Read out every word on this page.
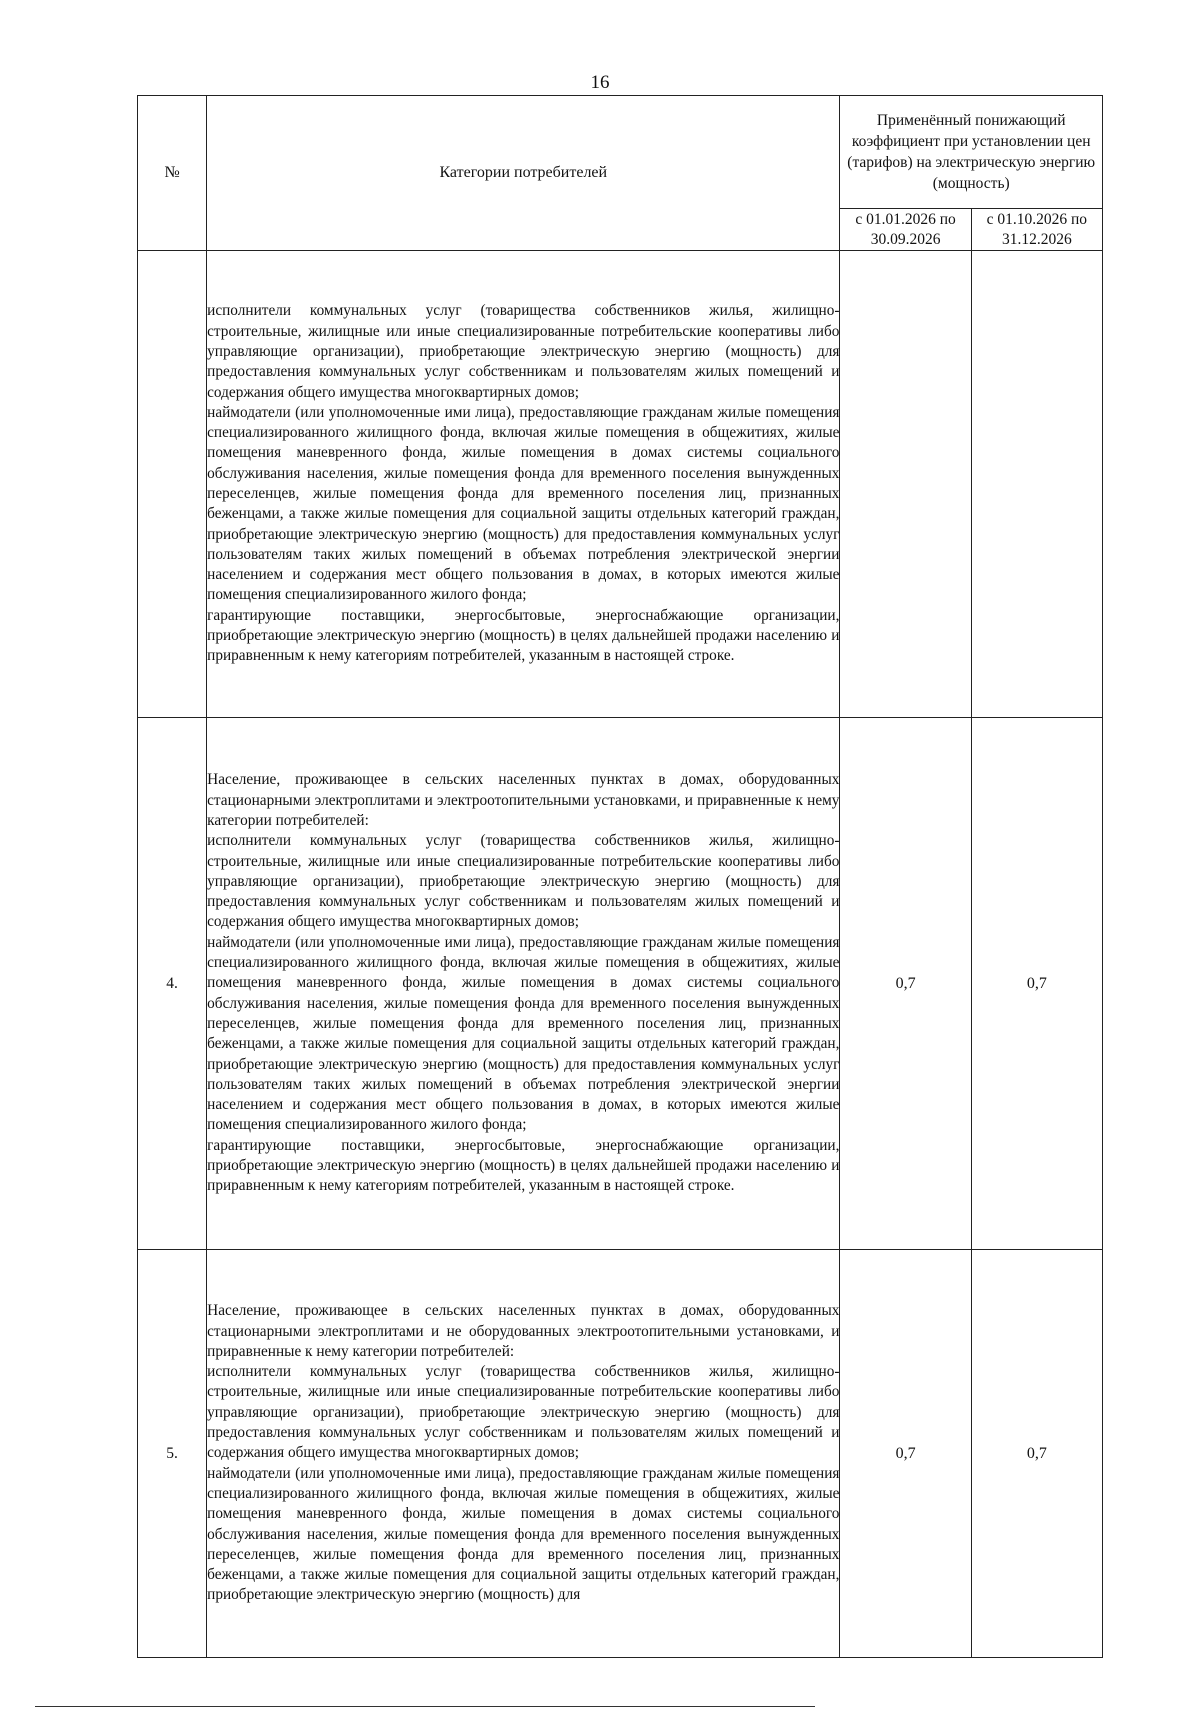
16
№	Категории потребителей	Применённый понижающий коэффициент при установлении цен (тарифов) на электрическую энергию (мощность)	
		с 01.01.2026 по 30.09.2026	с 01.10.2026 по 31.12.2026

	исполнители коммунальных услуг (товарищества собственников жилья, жилищно-строительные, жилищные или иные специализированные потребительские кооперативы либо управляющие организации), приобретающие электрическую энергию (мощность) для предоставления коммунальных услуг собственникам и пользователям жилых помещений и содержания общего имущества многоквартирных домов;

наймодатели (или уполномоченные ими лица), предоставляющие гражданам жилые помещения специализированного жилищного фонда, включая жилые помещения в общежитиях, жилые помещения маневренного фонда, жилые помещения в домах системы социального обслуживания населения, жилые помещения фонда для временного поселения вынужденных переселенцев, жилые помещения фонда для временного поселения лиц, признанных беженцами, а также жилые помещения для социальной защиты отдельных категорий граждан, приобретающие электрическую энергию (мощность) для предоставления коммунальных услуг пользователям таких жилых помещений в объемах потребления электрической энергии населением и содержания мест общего пользования в домах, в которых имеются жилые помещения специализированного жилого фонда;

гарантирующие поставщики, энергосбытовые, энергоснабжающие организации, приобретающие электрическую энергию (мощность) в целях дальнейшей продажи населению и приравненным к нему категориям потребителей, указанным в настоящей строке.		

4.	Население, проживающее в сельских населенных пунктах в домах, оборудованных стационарными электроплитами и электроотопительными установками, и приравненные к нему категории потребителей:

исполнители коммунальных услуг (товарищества собственников жилья, жилищно-строительные, жилищные или иные специализированные потребительские кооперативы либо управляющие организации), приобретающие электрическую энергию (мощность) для предоставления коммунальных услуг собственникам и пользователям жилых помещений и содержания общего имущества многоквартирных домов;

наймодатели (или уполномоченные ими лица), предоставляющие гражданам жилые помещения специализированного жилищного фонда, включая жилые помещения в общежитиях, жилые помещения маневренного фонда, жилые помещения в домах системы социального обслуживания населения, жилые помещения фонда для временного поселения вынужденных переселенцев, жилые помещения фонда для временного поселения лиц, признанных беженцами, а также жилые помещения для социальной защиты отдельных категорий граждан, приобретающие электрическую энергию (мощность) для предоставления коммунальных услуг пользователям таких жилых помещений в объемах потребления электрической энергии населением и содержания мест общего пользования в домах, в которых имеются жилые помещения специализированного жилого фонда;

гарантирующие поставщики, энергосбытовые, энергоснабжающие организации, приобретающие электрическую энергию (мощность) в целях дальнейшей продажи населению и приравненным к нему категориям потребителей, указанным в настоящей строке.	0,7	0,7
5.	Население, проживающее в сельских населенных пунктах в домах, оборудованных стационарными электроплитами и не оборудованных электроотопительными установками, и приравненные к нему категории потребителей:

исполнители коммунальных услуг (товарищества собственников жилья, жилищно-строительные, жилищные или иные специализированные потребительские кооперативы либо управляющие организации), приобретающие электрическую энергию (мощность) для предоставления коммунальных услуг собственникам и пользователям жилых помещений и содержания общего имущества многоквартирных домов;

наймодатели (или уполномоченные ими лица), предоставляющие гражданам жилые помещения специализированного жилищного фонда, включая жилые помещения в общежитиях, жилые помещения маневренного фонда, жилые помещения в домах системы социального обслуживания населения, жилые помещения фонда для временного поселения вынужденных переселенцев, жилые помещения фонда для временного поселения лиц, признанных беженцами, а также жилые помещения для социальной защиты отдельных категорий граждан, приобретающие электрическую энергию (мощность) для	0,7	0,7
